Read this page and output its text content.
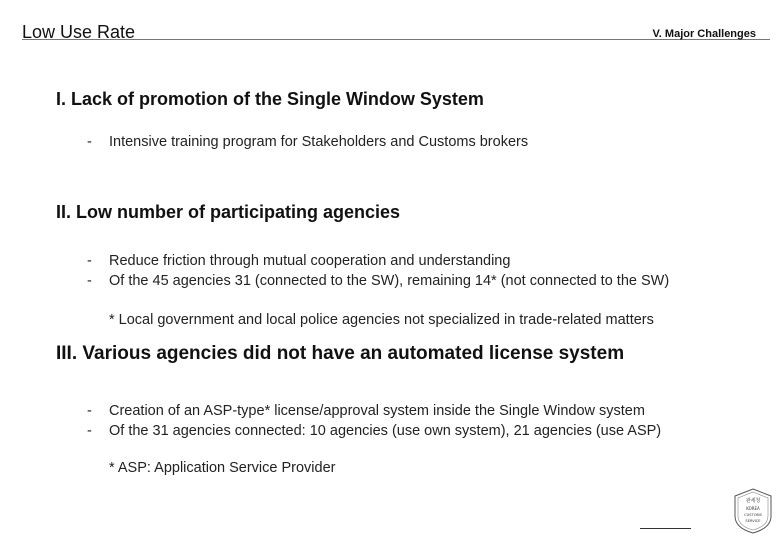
Low Use Rate	V. Major Challenges
I. Lack of promotion of the Single Window System
- Intensive training program for Stakeholders and Customs brokers
II. Low number of participating agencies
- Reduce friction through mutual cooperation and understanding
- Of the 45 agencies 31 (connected to the SW), remaining 14* (not connected to the SW)
* Local government and local police agencies not specialized in trade-related matters
III. Various agencies did not have an automated license system
- Creation of an ASP-type* license/approval system inside the Single Window system
- Of the 31 agencies connected: 10 agencies (use own system), 21 agencies (use ASP)
* ASP: Application Service Provider
관세청
KOREA
CUSTOMS
SERVICE
